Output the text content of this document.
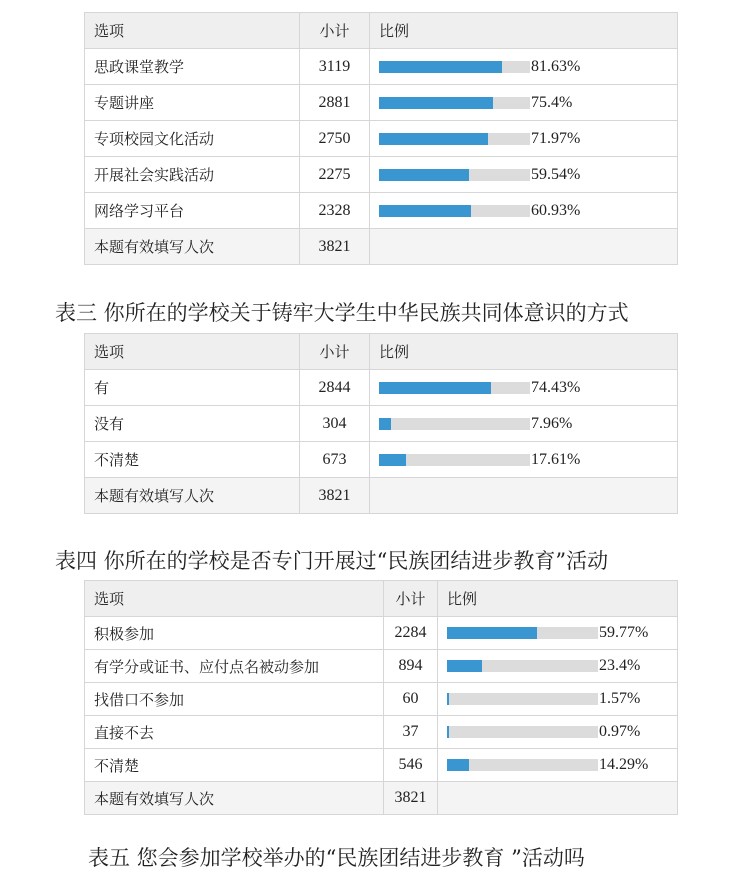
选项	小计	比例
思政课堂教学	3119	81.63%
专题讲座	2881	75.4%
专项校园文化活动	2750	71.97%
开展社会实践活动	2275	59.54%
网络学习平台	2328	60.93%
本题有效填写人次	3821	
表三 你所在的学校关于铸牢大学生中华民族共同体意识的方式
选项	小计	比例
有	2844	74.43%
没有	304	7.96%
不清楚	673	17.61%
本题有效填写人次	3821	
表四 你所在的学校是否专门开展过“民族团结进步教育”活动
选项	小计	比例
积极参加	2284	59.77%
有学分或证书、应付点名被动参加	894	23.4%
找借口不参加	60	1.57%
直接不去	37	0.97%
不清楚	546	14.29%
本题有效填写人次	3821	
表五 您会参加学校举办的“民族团结进步教育 ”活动吗
